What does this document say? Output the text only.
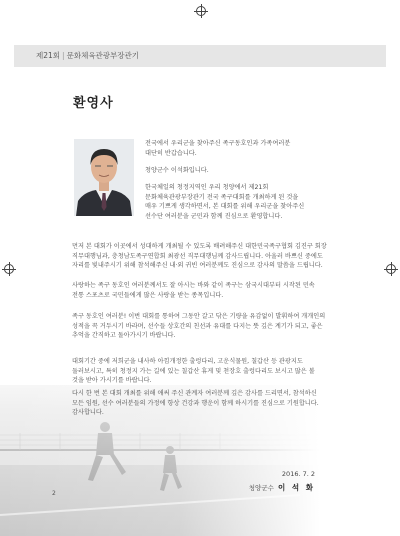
제21회 | 문화체육관광부장관기
환영사
전국에서 우리군을 찾아주신 족구동호인과 가족여러분 대단히 반갑습니다.
청양군수 이석화입니다.
한국체일의 청정지역인 우리 청양에서 제21회 문화체육관광부장관기 전국 족구대회를 개최하게 된 것을 매우 기쁘게 생각하면서, 본 대회를 위해 우리군을 찾아주신 선수단 여러분을 군민과 함께 진심으로 환영합니다.
먼저 본 대회가 이곳에서 성대하게 개최될 수 있도록 배려해주신 대한민국족구협회 김진구 회장 직무대행님과, 충청남도족구연합회 최광선 직무대행님께 감사드립니다. 아울러 바쁘신 중에도 자리를 빛내주시기 위해 참석해주신 내·외 귀빈 여러분께도 진심으로 감사의 말씀을 드립니다.
사랑하는 족구 동호인 여러분께서도 잘 아시는 바와 같이 족구는 삼국시대부터 시작된 민속 전통 스포츠로 국민들에게 많은 사랑을 받는 종목입니다.
족구 동호인 여러분! 이번 대회를 통하여 그동안 갈고 닦은 기량을 유감없이 발휘하여 개개인의 성적을 꼭 거두시기 바라며, 선수들 상호간의 친선과 유대를 다지는 뜻 깊은 계기가 되고, 좋은 추억을 간직하고 돌아가시기 바랍니다.
대회기간 중에 저희군을 내사하 아낌개정한 출렁다리, 고운식물원, 칠갑산 등 관광지도 둘러보시고, 특히 청정지 가는 길에 있는 칠갑산 휴게 및 천장호 출렁다리도 보시고 많은 볼 것을 받아 가시기를 바랍니다.
다시 한 번 본 대회 개최를 위해 애써 주신 관계자 여러분께 깊은 감사를 드리면서, 참석하신 모든 임원, 선수 여러분들의 가정에 항상 건강과 행운이 함께 하시기를 진심으로 기원합니다. 감사합니다.
2016. 7. 2
청양군수 이 석 화
2
